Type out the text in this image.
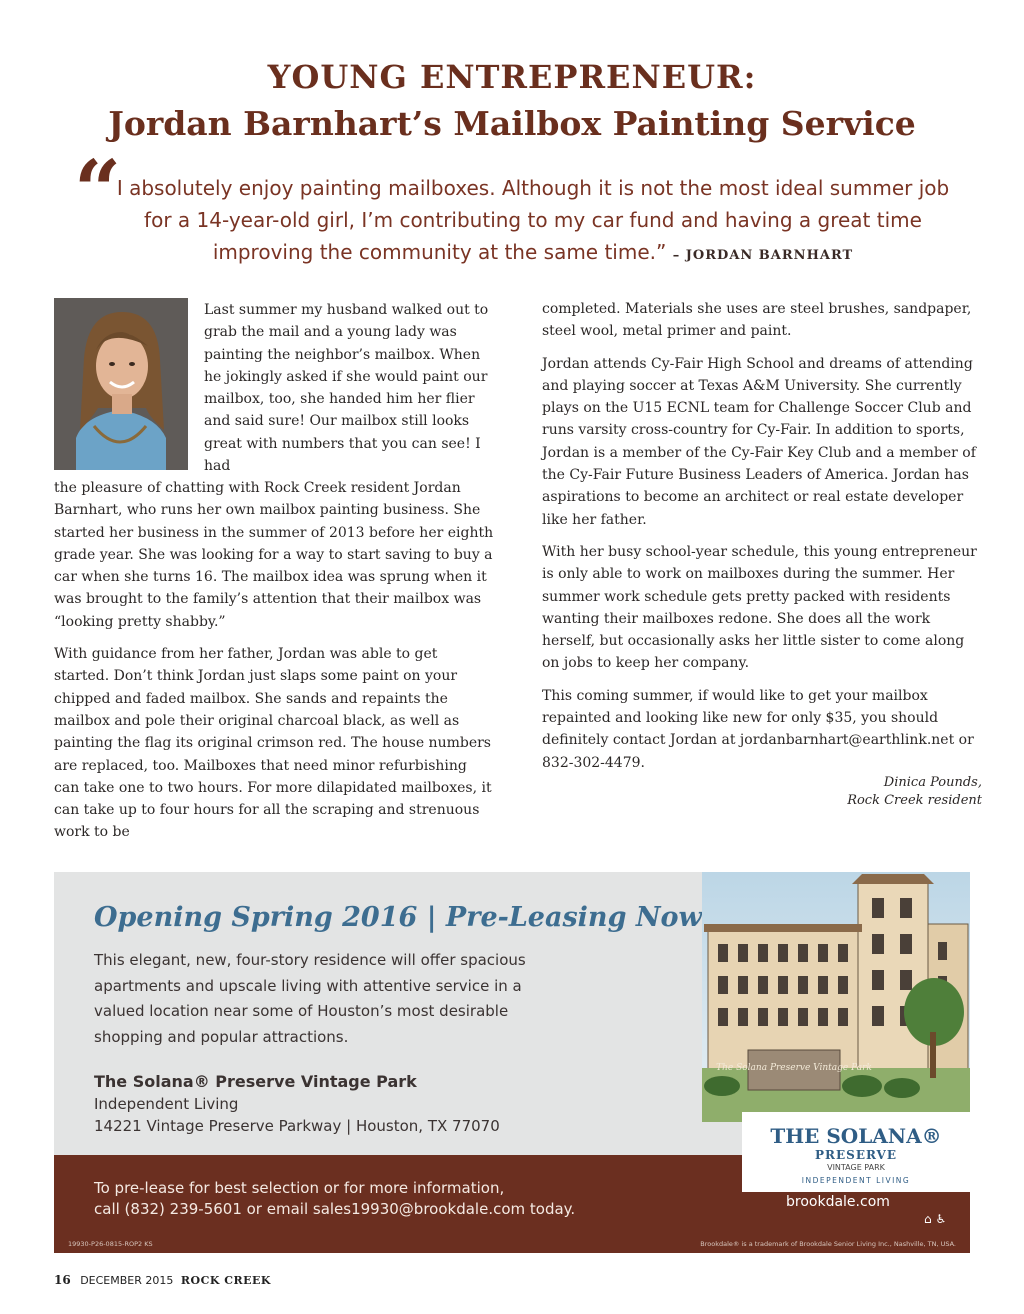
YOUNG ENTREPRENEUR:
Jordan Barnhart’s Mailbox Painting Service
“
I absolutely enjoy painting mailboxes. Although it is not the most ideal summer job for a 14-year-old girl, I’m contributing to my car fund and having a great time improving the community at the same time.” – JORDAN BARNHART
Last summer my husband walked out to grab the mail and a young lady was painting the neighbor’s mailbox. When he jokingly asked if she would paint our mailbox, too, she handed him her flier and said sure! Our mailbox still looks great with numbers that you can see! I had

the pleasure of chatting with Rock Creek resident Jordan Barnhart, who runs her own mailbox painting business. She started her business in the summer of 2013 before her eighth grade year. She was looking for a way to start saving to buy a car when she turns 16. The mailbox idea was sprung when it was brought to the family’s attention that their mailbox was “looking pretty shabby.”

With guidance from her father, Jordan was able to get started. Don’t think Jordan just slaps some paint on your chipped and faded mailbox. She sands and repaints the mailbox and pole their original charcoal black, as well as painting the flag its original crimson red. The house numbers are replaced, too. Mailboxes that need minor refurbishing can take one to two hours. For more dilapidated mailboxes, it can take up to four hours for all the scraping and strenuous work to be

completed. Materials she uses are steel brushes, sandpaper, steel wool, metal primer and paint.

Jordan attends Cy-Fair High School and dreams of attending and playing soccer at Texas A&M University. She currently plays on the U15 ECNL team for Challenge Soccer Club and runs varsity cross-country for Cy-Fair. In addition to sports, Jordan is a member of the Cy-Fair Key Club and a member of the Cy-Fair Future Business Leaders of America. Jordan has aspirations to become an architect or real estate developer like her father.

With her busy school-year schedule, this young entrepreneur is only able to work on mailboxes during the summer. Her summer work schedule gets pretty packed with residents wanting their mailboxes redone. She does all the work herself, but occasionally asks her little sister to come along on jobs to keep her company.

This coming summer, if would like to get your mailbox repainted and looking like new for only $35, you should definitely contact Jordan at jordanbarnhart@earthlink.net or 832-302-4479.

Dinica Pounds,
Rock Creek resident
Opening Spring 2016 | Pre-Leasing Now
This elegant, new, four-story residence will offer spacious apartments and upscale living with attentive service in a valued location near some of Houston’s most desirable shopping and popular attractions.
The Solana® Preserve Vintage Park
Independent Living
14221 Vintage Preserve Parkway | Houston, TX 77070
The Solana Preserve Vintage Park
To pre-lease for best selection or for more information,
call (832) 239-5601 or email sales19930@brookdale.com today.
THE SOLANA®
PRESERVE
VINTAGE PARK
INDEPENDENT LIVING
brookdale.com
⌂ ♿
19930-P26-0815-ROP2 KS	Brookdale® is a trademark of Brookdale Senior Living Inc., Nashville, TN, USA.
16 DECEMBER 2015 ROCK CREEK
